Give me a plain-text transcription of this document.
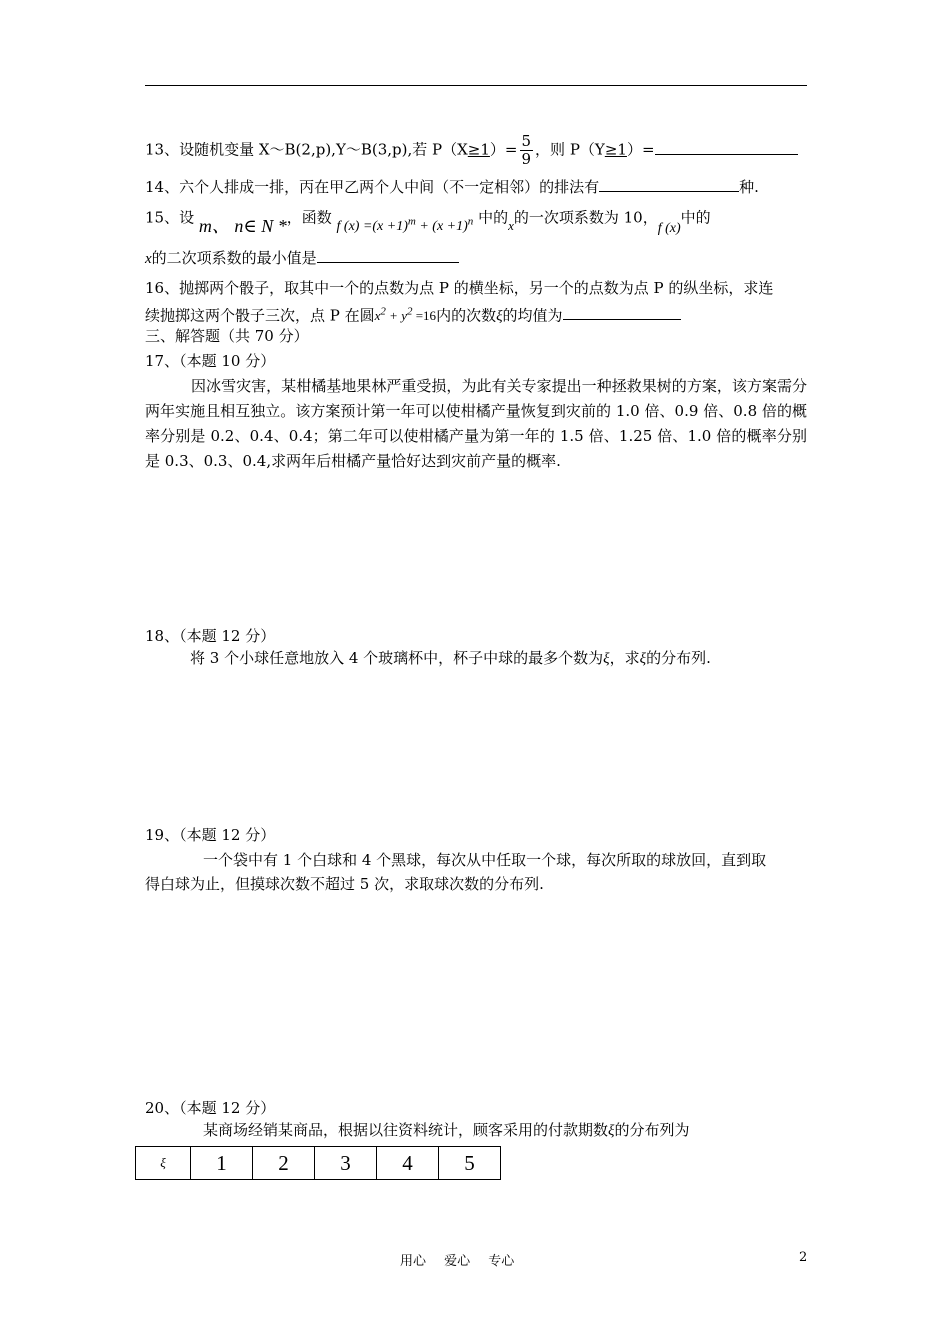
13、设随机变量 X～B(2,p),Y～B(3,p),若 $P(X\ge 1)= \frac{5}{9}$ ，则 P（Y≥1）=
14、六个人排成一排，丙在甲乙两个人中间（不一定相邻）的排法有	种.
15、设 m、 n∈ N *，函数 f $(x) =(x +1)^m + (x +1)^n$ 中的x的一次项系数为 10，f (x)中的
x的二次项系数的最小值是
16、抛掷两个骰子，取其中一个的点数为点 P 的横坐标，另一个的点数为点 P 的纵坐标，求连
续抛掷这两个骰子三次，点 P 在圆$x^2 + y^2 =16$内的次数ξ的均值为
三、解答题（共 70 分）
17、（本题 10 分）
因冰雪灾害，某柑橘基地果林严重受损，为此有关专家提出一种拯救果树的方案，该方案需分两年实施且相互独立。该方案预计第一年可以使柑橘产量恢复到灾前的 1.0 倍、0.9 倍、0.8 倍的概率分别是 0.2、0.4、0.4；第二年可以使柑橘产量为第一年的 1.5 倍、1.25 倍、1.0 倍的概率分别是 0.3、0.3、0.4,求两年后柑橘产量恰好达到灾前产量的概率.
18、（本题 12 分）
将 3 个小球任意地放入 4 个玻璃杯中，杯子中球的最多个数为ξ，求ξ的分布列.
19、（本题 12 分）
一个袋中有 1 个白球和 4 个黑球，每次从中任取一个球，每次所取的球放回，直到取
得白球为止，但摸球次数不超过 5 次，求取球次数的分布列.
20、（本题 12 分）
某商场经销某商品，根据以往资料统计，顾客采用的付款期数ξ的分布列为
ξ	1	2	3	4	5
用心 爱心 专心	2
